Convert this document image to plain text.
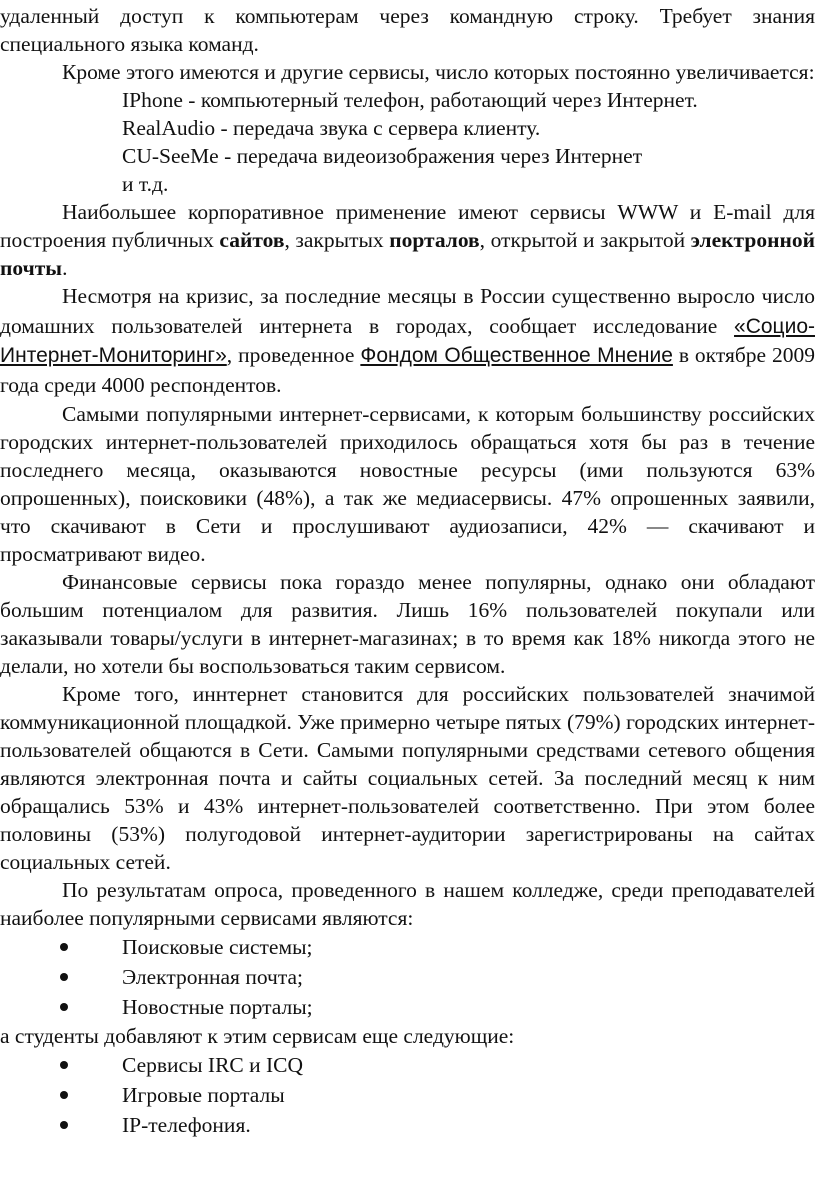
удаленный доступ к компьютерам через командную строку. Требует знания специального языка команд.

Кроме этого имеются и другие сервисы, число которых постоянно увеличивается:

IPhone - компьютерный телефон, работающий через Интернет.

RealAudio - передача звука с сервера клиенту.

CU-SeeMe - передача видеоизображения через Интернет

и т.д.

Наибольшее корпоративное применение имеют сервисы WWW и E-mail для построения публичных сайтов, закрытых порталов, открытой и закрытой электронной почты.

Несмотря на кризис, за последние месяцы в России существенно выросло число домашних пользователей интернета в городах, сообщает исследование «Социо-Интернет-Мониторинг», проведенное Фондом Общественное Мнение в октябре 2009 года среди 4000 респондентов.

Самыми популярными интернет-сервисами, к которым большинству российских городских интернет-пользователей приходилось обращаться хотя бы раз в течение последнего месяца, оказываются новостные ресурсы (ими пользуются 63% опрошенных), поисковики (48%), а так же медиасервисы. 47% опрошенных заявили, что скачивают в Сети и прослушивают аудиозаписи, 42% — скачивают и просматривают видео.

Финансовые сервисы пока гораздо менее популярны, однако они обладают большим потенциалом для развития. Лишь 16% пользователей покупали или заказывали товары/услуги в интернет-магазинах; в то время как 18% никогда этого не делали, но хотели бы воспользоваться таким сервисом.

Кроме того, иннтернет становится для российских пользователей значимой коммуникационной площадкой. Уже примерно четыре пятых (79%) городских интернет-пользователей общаются в Сети. Самыми популярными средствами сетевого общения являются электронная почта и сайты социальных сетей. За последний месяц к ним обращались 53% и 43% интернет-пользователей соответственно. При этом более половины (53%) полугодовой интернет-аудитории зарегистрированы на сайтах социальных сетей.

По результатам опроса, проведенного в нашем колледже, среди преподавателей наиболее популярными сервисами являются:

Поисковые системы;
Электронная почта;
Новостные порталы;

а студенты добавляют к этим сервисам еще следующие:

Сервисы IRC и ICQ
Игровые порталы
IP-телефония.
